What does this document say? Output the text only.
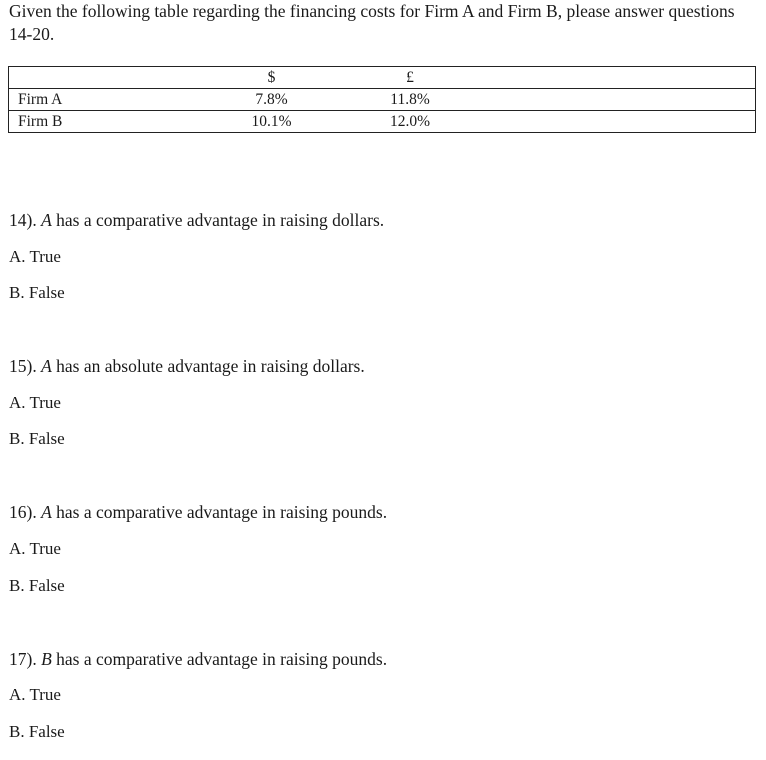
Given the following table regarding the financing costs for Firm A and Firm B, please answer questions 14-20.
	$	£	
Firm A	7.8%	11.8%	
Firm B	10.1%	12.0%	

14). A has a comparative advantage in raising dollars.

A. True

B. False

15). A has an absolute advantage in raising dollars.

A. True

B. False

16). A has a comparative advantage in raising pounds.

A. True

B. False

17). B has a comparative advantage in raising pounds.

A. True

B. False
